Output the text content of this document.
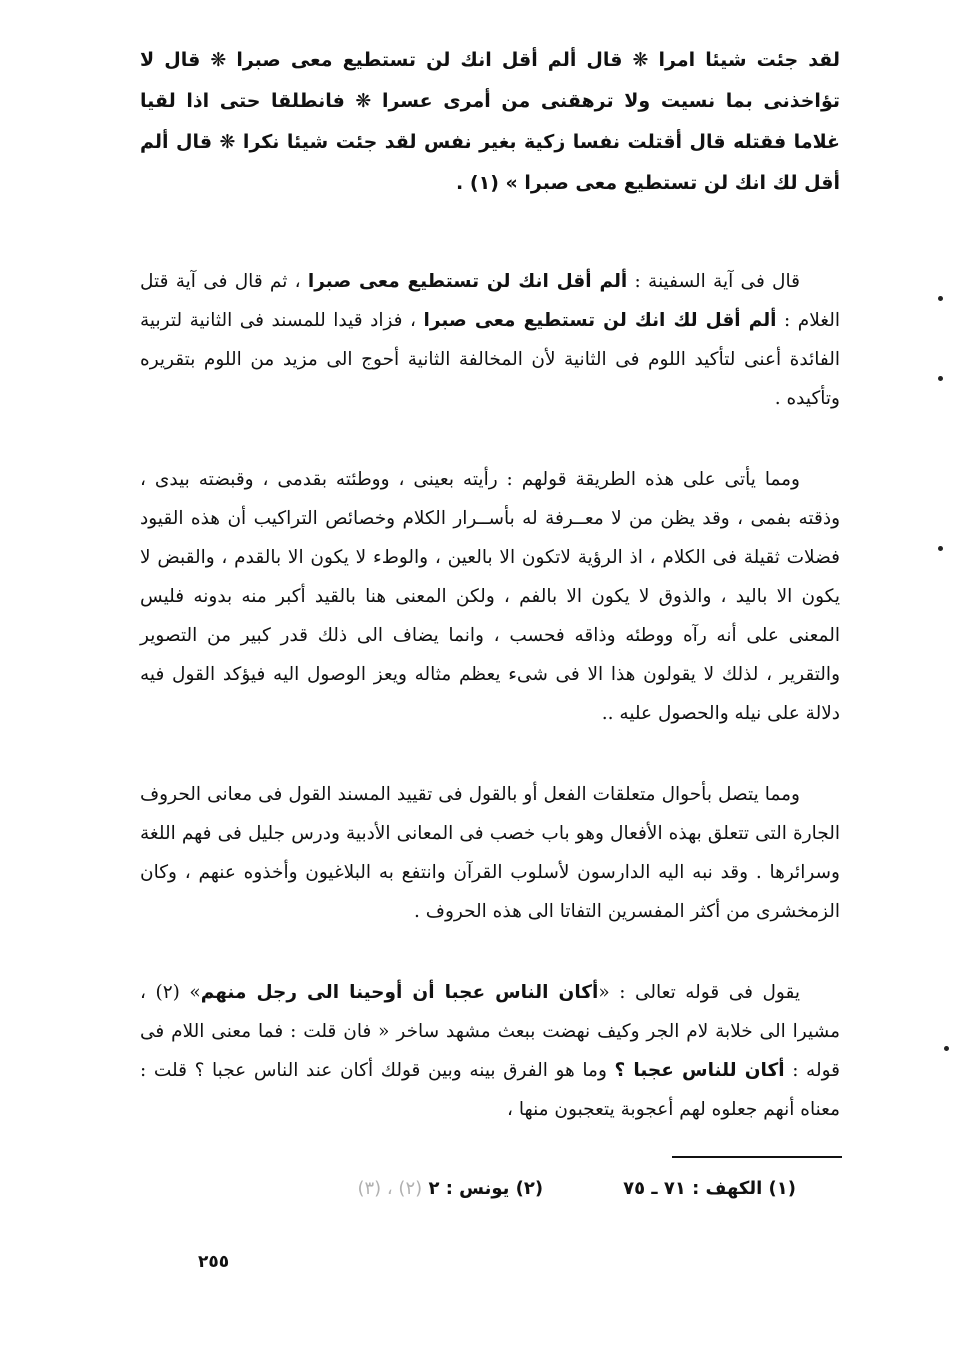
لقد جئت شيئا امرا ❋ قال ألم أقل انك لن تستطيع معى صبرا ❋ قال لا تؤاخذنى بما نسيت ولا ترهقنى من أمرى عسرا ❋ فانطلقا حتى اذا لقيا غلاما فقتله قال أقتلت نفسا زكية بغير نفس لقد جئت شيئا نكرا ❋ قال ألم أقل لك انك لن تستطيع معى صبرا » (١) .

قال فى آية السفينة : ألم أقل انك لن تستطيع معى صبرا ، ثم قال فى آية قتل الغلام : ألم أقل لك انك لن تستطيع معى صبرا ، فزاد قيدا للمسند فى الثانية لتربية الفائدة أعنى لتأكيد اللوم فى الثانية لأن المخالفة الثانية أحوج الى مزيد من اللوم بتقريره وتأكيده .

ومما يأتى على هذه الطريقة قولهم : رأيته بعينى ، ووطئته بقدمى ، وقبضته بيدى ، وذقته بفمى ، وقد يظن من لا معــرفة له بأســرار الكلام وخصائص التراكيب أن هذه القيود فضلات ثقيلة فى الكلام ، اذ الرؤية لاتكون الا بالعين ، والوطء لا يكون الا بالقدم ، والقبض لا يكون الا باليد ، والذوق لا يكون الا بالفم ، ولكن المعنى هنا بالقيد أكبر منه بدونه فليس المعنى على أنه رآه ووطئه وذاقه فحسب ، وانما يضاف الى ذلك قدر كبير من التصوير والتقرير ، لذلك لا يقولون هذا الا فى شىء يعظم مثاله ويعز الوصول اليه فيؤكد القول فيه دلالة على نيله والحصول عليه ..

ومما يتصل بأحوال متعلقات الفعل أو بالقول فى تقييد المسند القول فى معانى الحروف الجارة التى تتعلق بهذه الأفعال وهو باب خصب فى المعانى الأدبية ودرس جليل فى فهم اللغة وسرائرها . وقد نبه اليه الدارسون لأسلوب القرآن وانتفع به البلاغيون وأخذوه عنهم ، وكان الزمخشرى من أكثر المفسرين التفاتا الى هذه الحروف .

يقول فى قوله تعالى : «أكان الناس عجبا أن أوحينا الى رجل منهم» (٢) ، مشيرا الى خلابة لام الجر وكيف نهضت ببعث مشهد ساخر « فان قلت : فما معنى اللام فى قوله : أكان للناس عجبا ؟ وما هو الفرق بينه وبين قولك أكان عند الناس عجبا ؟ قلت : معناه أنهم جعلوه لهم أعجوبة يتعجبون منها ،

(١) الكهف : ٧١ ـ ٧٥
(٢) يونس : ٢ (٢) ، (٣)
٢٥٥
